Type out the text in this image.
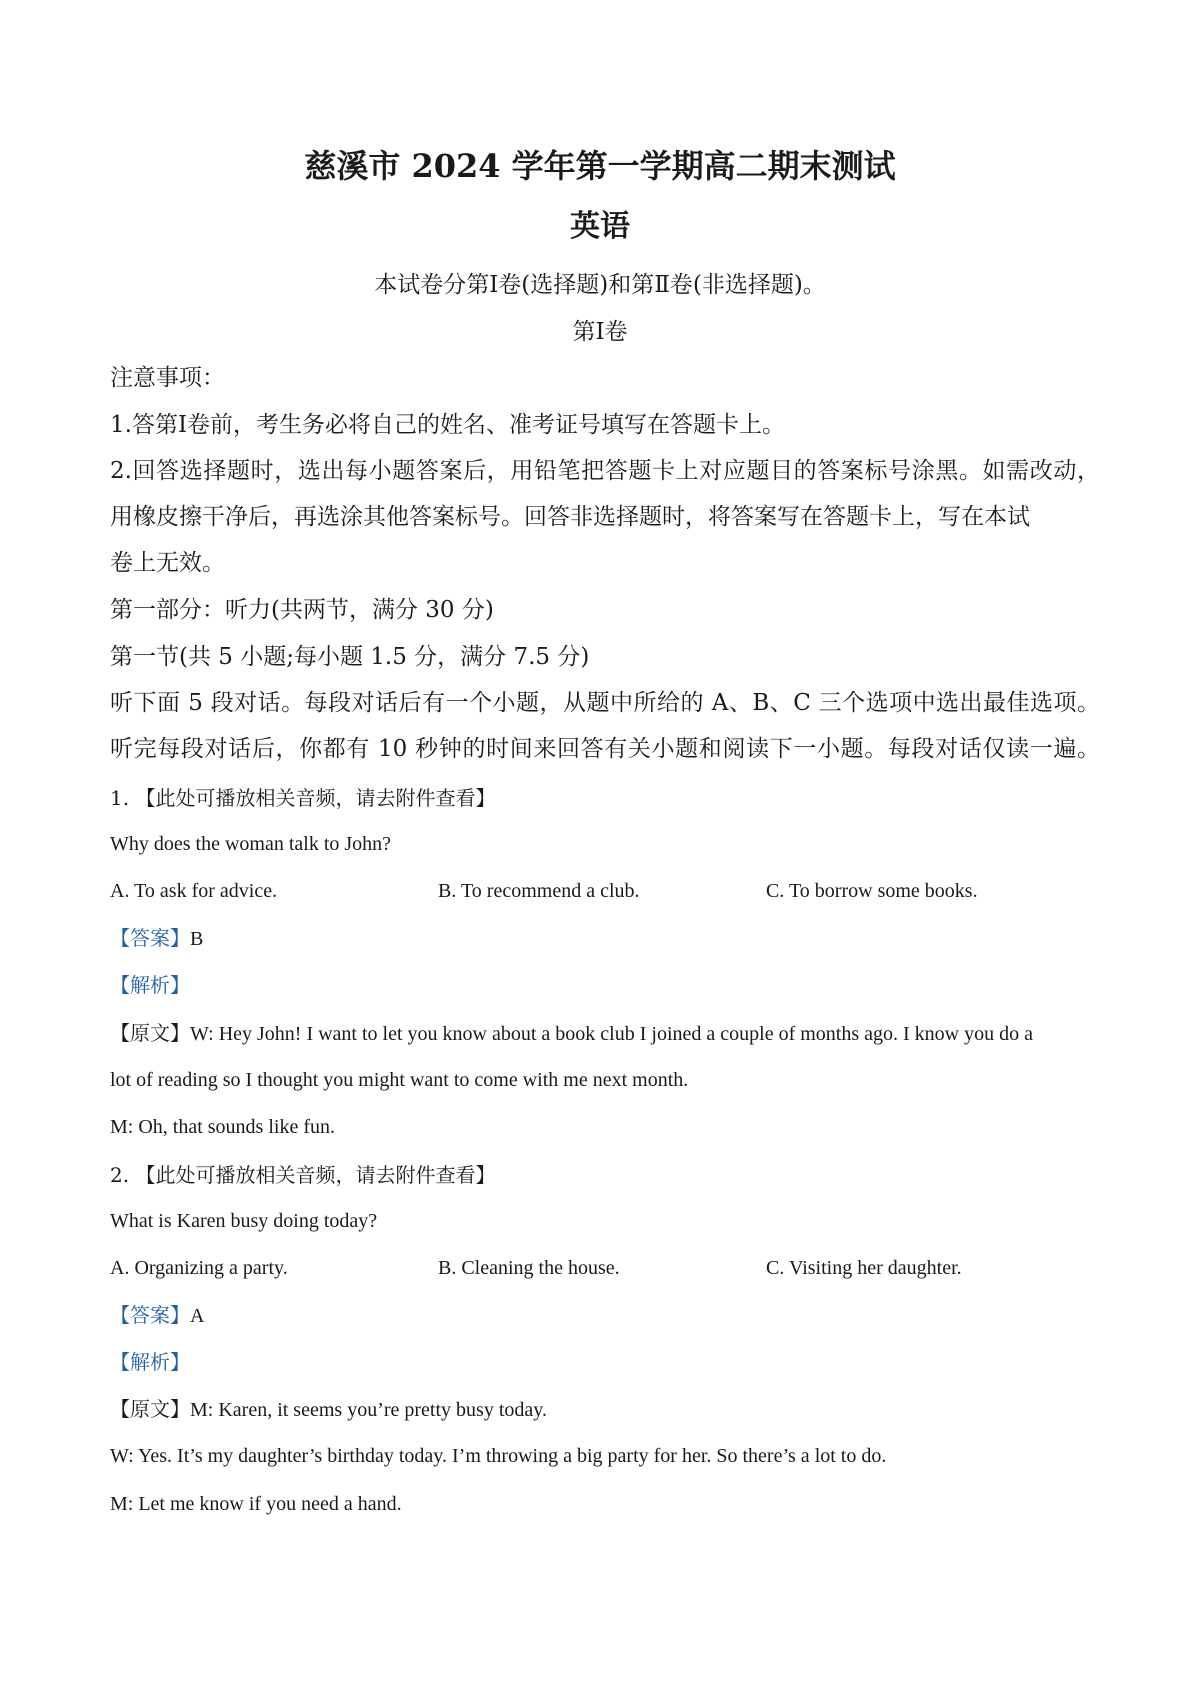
慈溪市 2024 学年第一学期高二期末测试
英语
本试卷分第Ⅰ卷(选择题)和第Ⅱ卷(非选择题)。
第Ⅰ卷
注意事项：
1.答第Ⅰ卷前，考生务必将自己的姓名、准考证号填写在答题卡上。
2.回答选择题时，选出每小题答案后，用铅笔把答题卡上对应题目的答案标号涂黑。如需改动，
用橡皮擦干净后，再选涂其他答案标号。回答非选择题时，将答案写在答题卡上，写在本试
卷上无效。
第一部分：听力(共两节，满分 30 分)
第一节(共 5 小题;每小题 1.5 分，满分 7.5 分)
听下面 5 段对话。每段对话后有一个小题，从题中所给的 A、B、C 三个选项中选出最佳选项。
听完每段对话后，你都有 10 秒钟的时间来回答有关小题和阅读下一小题。每段对话仅读一遍。
1. 【此处可播放相关音频，请去附件查看】
Why does the woman talk to John?
A. To ask for advice.	B. To recommend a club.	C. To borrow some books.
【答案】B
【解析】
【原文】W: Hey John! I want to let you know about a book club I joined a couple of months ago. I know you do a
lot of reading so I thought you might want to come with me next month.
M: Oh, that sounds like fun.
2. 【此处可播放相关音频，请去附件查看】
What is Karen busy doing today?
A. Organizing a party.	B. Cleaning the house.	C. Visiting her daughter.
【答案】A
【解析】
【原文】M: Karen, it seems you’re pretty busy today.
W: Yes. It’s my daughter’s birthday today. I’m throwing a big party for her. So there’s a lot to do.
M: Let me know if you need a hand.
